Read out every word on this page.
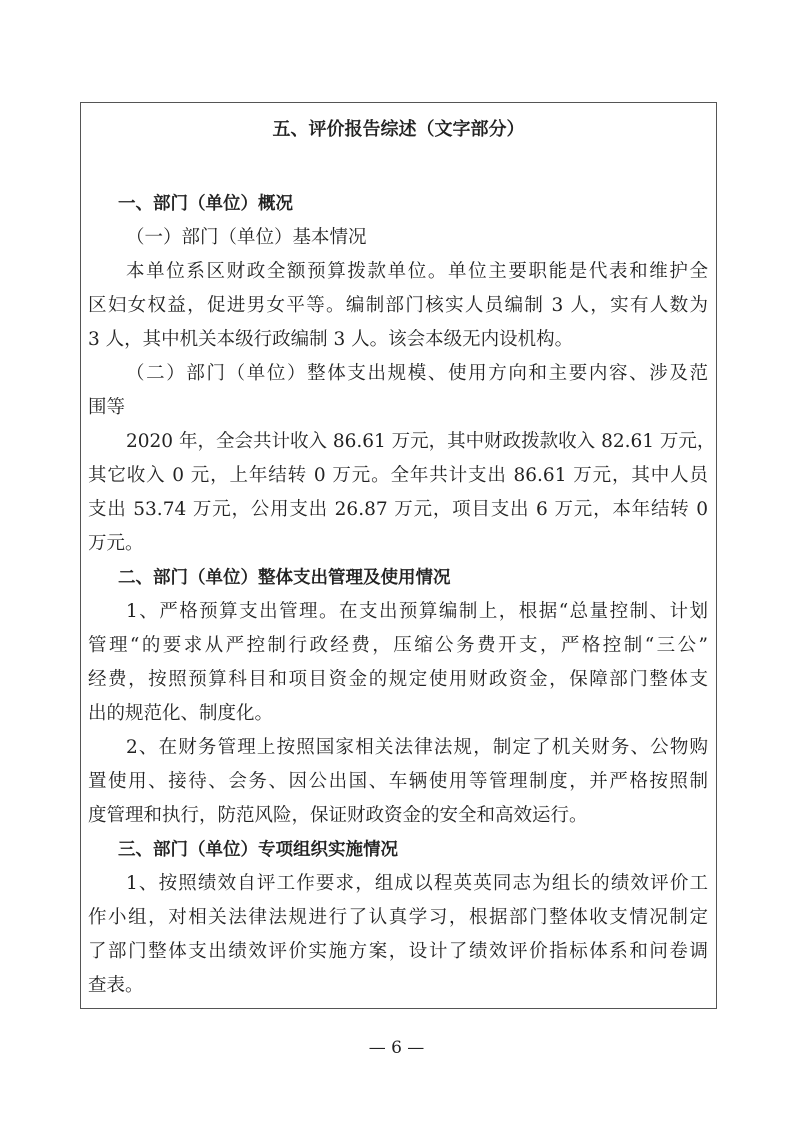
五、评价报告综述（文字部分）
一、部门（单位）概况
（一）部门（单位）基本情况
本单位系区财政全额预算拨款单位。单位主要职能是代表和维护全
区妇女权益，促进男女平等。编制部门核实人员编制 3 人，实有人数为
3 人，其中机关本级行政编制 3 人。该会本级无内设机构。
（二）部门（单位）整体支出规模、使用方向和主要内容、涉及范
围等
2020 年，全会共计收入 86.61 万元，其中财政拨款收入 82.61 万元，
其它收入 0 元，上年结转 0 万元。全年共计支出 86.61 万元，其中人员
支出 53.74 万元，公用支出 26.87 万元，项目支出 6 万元，本年结转 0
万元。
二、部门（单位）整体支出管理及使用情况
1、严格预算支出管理。在支出预算编制上，根据“总量控制、计划
管理“的要求从严控制行政经费，压缩公务费开支，严格控制“三公”
经费，按照预算科目和项目资金的规定使用财政资金，保障部门整体支
出的规范化、制度化。
2、在财务管理上按照国家相关法律法规，制定了机关财务、公物购
置使用、接待、会务、因公出国、车辆使用等管理制度，并严格按照制
度管理和执行，防范风险，保证财政资金的安全和高效运行。
三、部门（单位）专项组织实施情况
1、按照绩效自评工作要求，组成以程英英同志为组长的绩效评价工
作小组，对相关法律法规进行了认真学习，根据部门整体收支情况制定
了部门整体支出绩效评价实施方案，设计了绩效评价指标体系和问卷调
查表。
— 6 —
